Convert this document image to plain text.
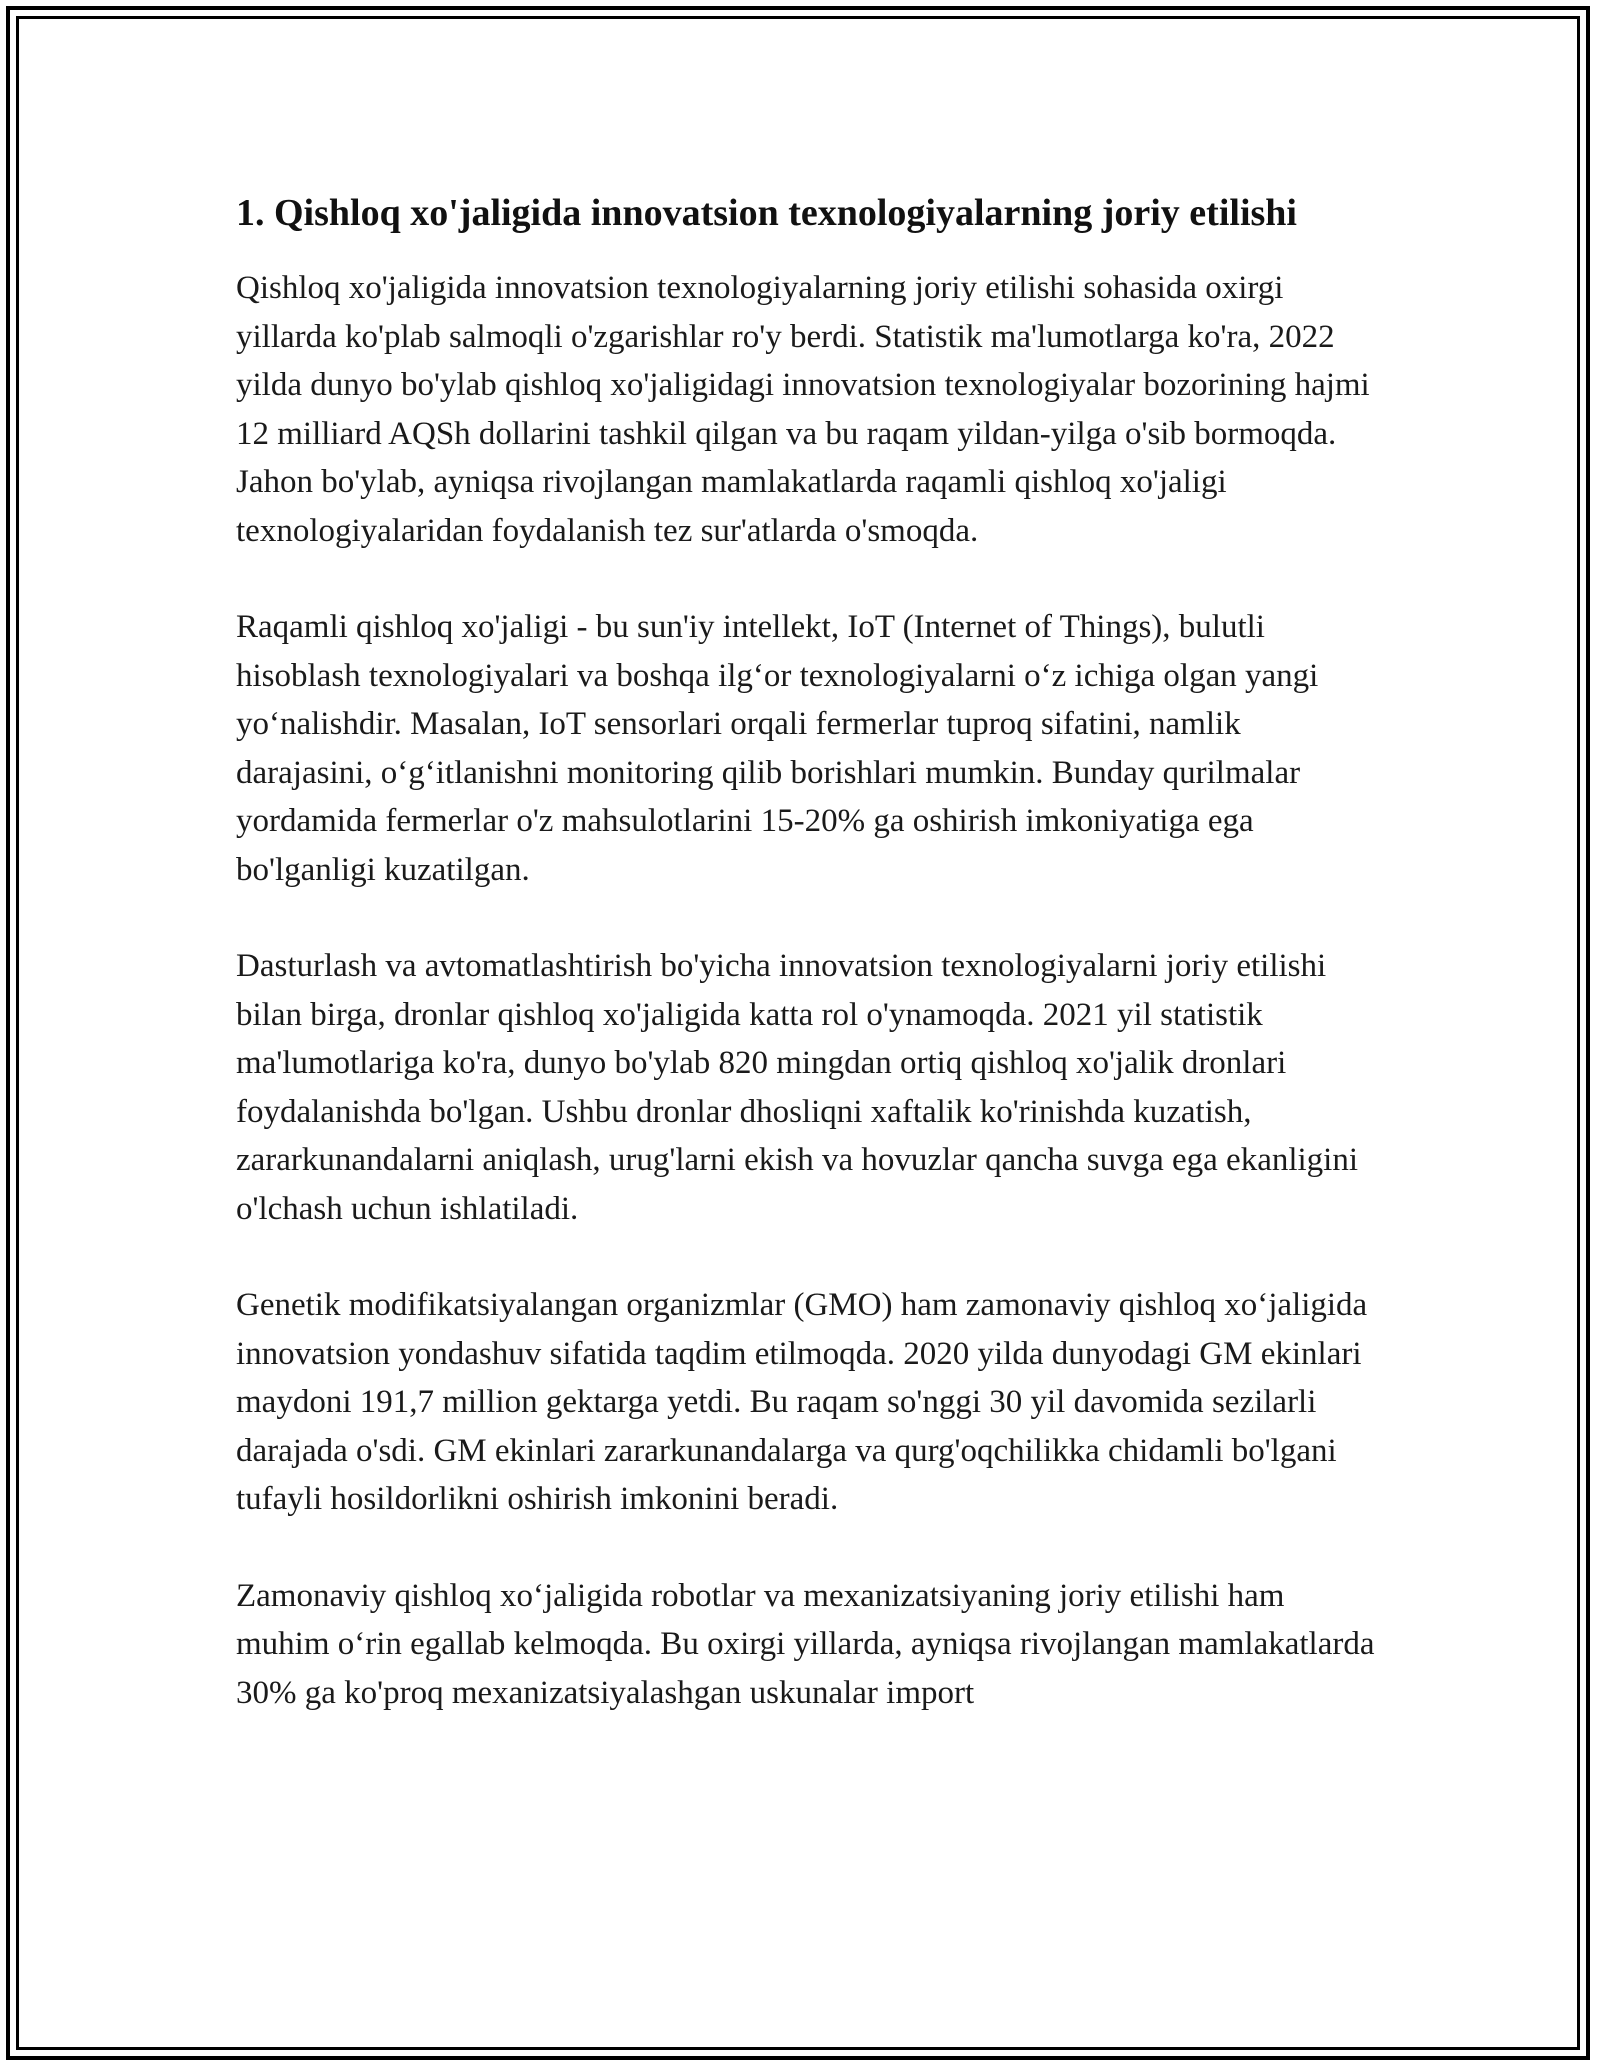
1. Qishloq xo'jaligida innovatsion texnologiyalarning joriy etilishi

Qishloq xo'jaligida innovatsion texnologiyalarning joriy etilishi sohasida oxirgi yillarda ko'plab salmoqli o'zgarishlar ro'y berdi. Statistik ma'lumotlarga ko'ra, 2022 yilda dunyo bo'ylab qishloq xo'jaligidagi innovatsion texnologiyalar bozorining hajmi 12 milliard AQSh dollarini tashkil qilgan va bu raqam yildan-yilga o'sib bormoqda. Jahon bo'ylab, ayniqsa rivojlangan mamlakatlarda raqamli qishloq xo'jaligi texnologiyalaridan foydalanish tez sur'atlarda o'smoqda.

Raqamli qishloq xo'jaligi - bu sun'iy intellekt, IoT (Internet of Things), bulutli hisoblash texnologiyalari va boshqa ilg‘or texnologiyalarni o‘z ichiga olgan yangi yo‘nalishdir. Masalan, IoT sensorlari orqali fermerlar tuproq sifatini, namlik darajasini, o‘g‘itlanishni monitoring qilib borishlari mumkin. Bunday qurilmalar yordamida fermerlar o'z mahsulotlarini 15-20% ga oshirish imkoniyatiga ega bo'lganligi kuzatilgan.

Dasturlash va avtomatlashtirish bo'yicha innovatsion texnologiyalarni joriy etilishi bilan birga, dronlar qishloq xo'jaligida katta rol o'ynamoqda. 2021 yil statistik ma'lumotlariga ko'ra, dunyo bo'ylab 820 mingdan ortiq qishloq xo'jalik dronlari foydalanishda bo'lgan. Ushbu dronlar dhosliqni xaftalik ko'rinishda kuzatish, zararkunandalarni aniqlash, urug'larni ekish va hovuzlar qancha suvga ega ekanligini o'lchash uchun ishlatiladi.

Genetik modifikatsiyalangan organizmlar (GMO) ham zamonaviy qishloq xo‘jaligida innovatsion yondashuv sifatida taqdim etilmoqda. 2020 yilda dunyodagi GM ekinlari maydoni 191,7 million gektarga yetdi. Bu raqam so'nggi 30 yil davomida sezilarli darajada o'sdi. GM ekinlari zararkunandalarga va qurg'oqchilikka chidamli bo'lgani tufayli hosildorlikni oshirish imkonini beradi.

Zamonaviy qishloq xo‘jaligida robotlar va mexanizatsiyaning joriy etilishi ham muhim o‘rin egallab kelmoqda. Bu oxirgi yillarda, ayniqsa rivojlangan mamlakatlarda 30% ga ko'proq mexanizatsiyalashgan uskunalar import
